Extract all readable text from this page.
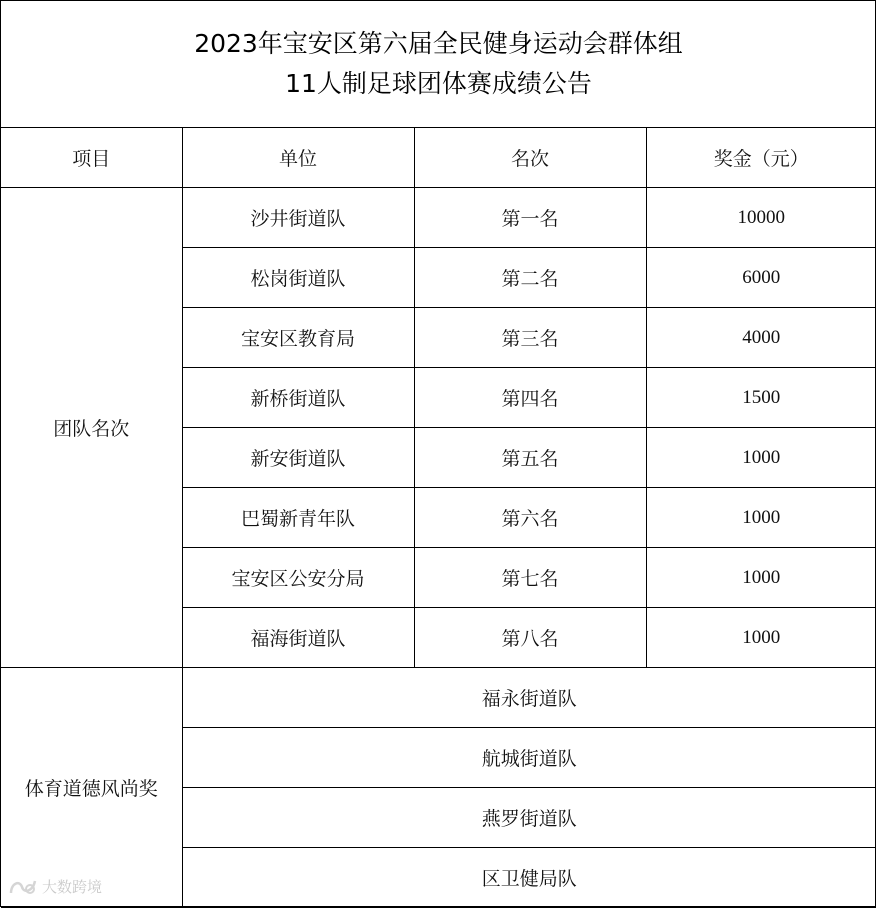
2023年宝安区第六届全民健身运动会群体组
11人制足球团体赛成绩公告
项目	单位	名次	奖金（元）
团队名次	沙井街道队	第一名	10000
	松岗街道队	第二名	6000
	宝安区教育局	第三名	4000
	新桥街道队	第四名	1500
	新安街道队	第五名	1000
	巴蜀新青年队	第六名	1000
	宝安区公安分局	第七名	1000
	福海街道队	第八名	1000
体育道德风尚奖	福永街道队		
	航城街道队		
	燕罗街道队		
	区卫健局队		
大数跨境
